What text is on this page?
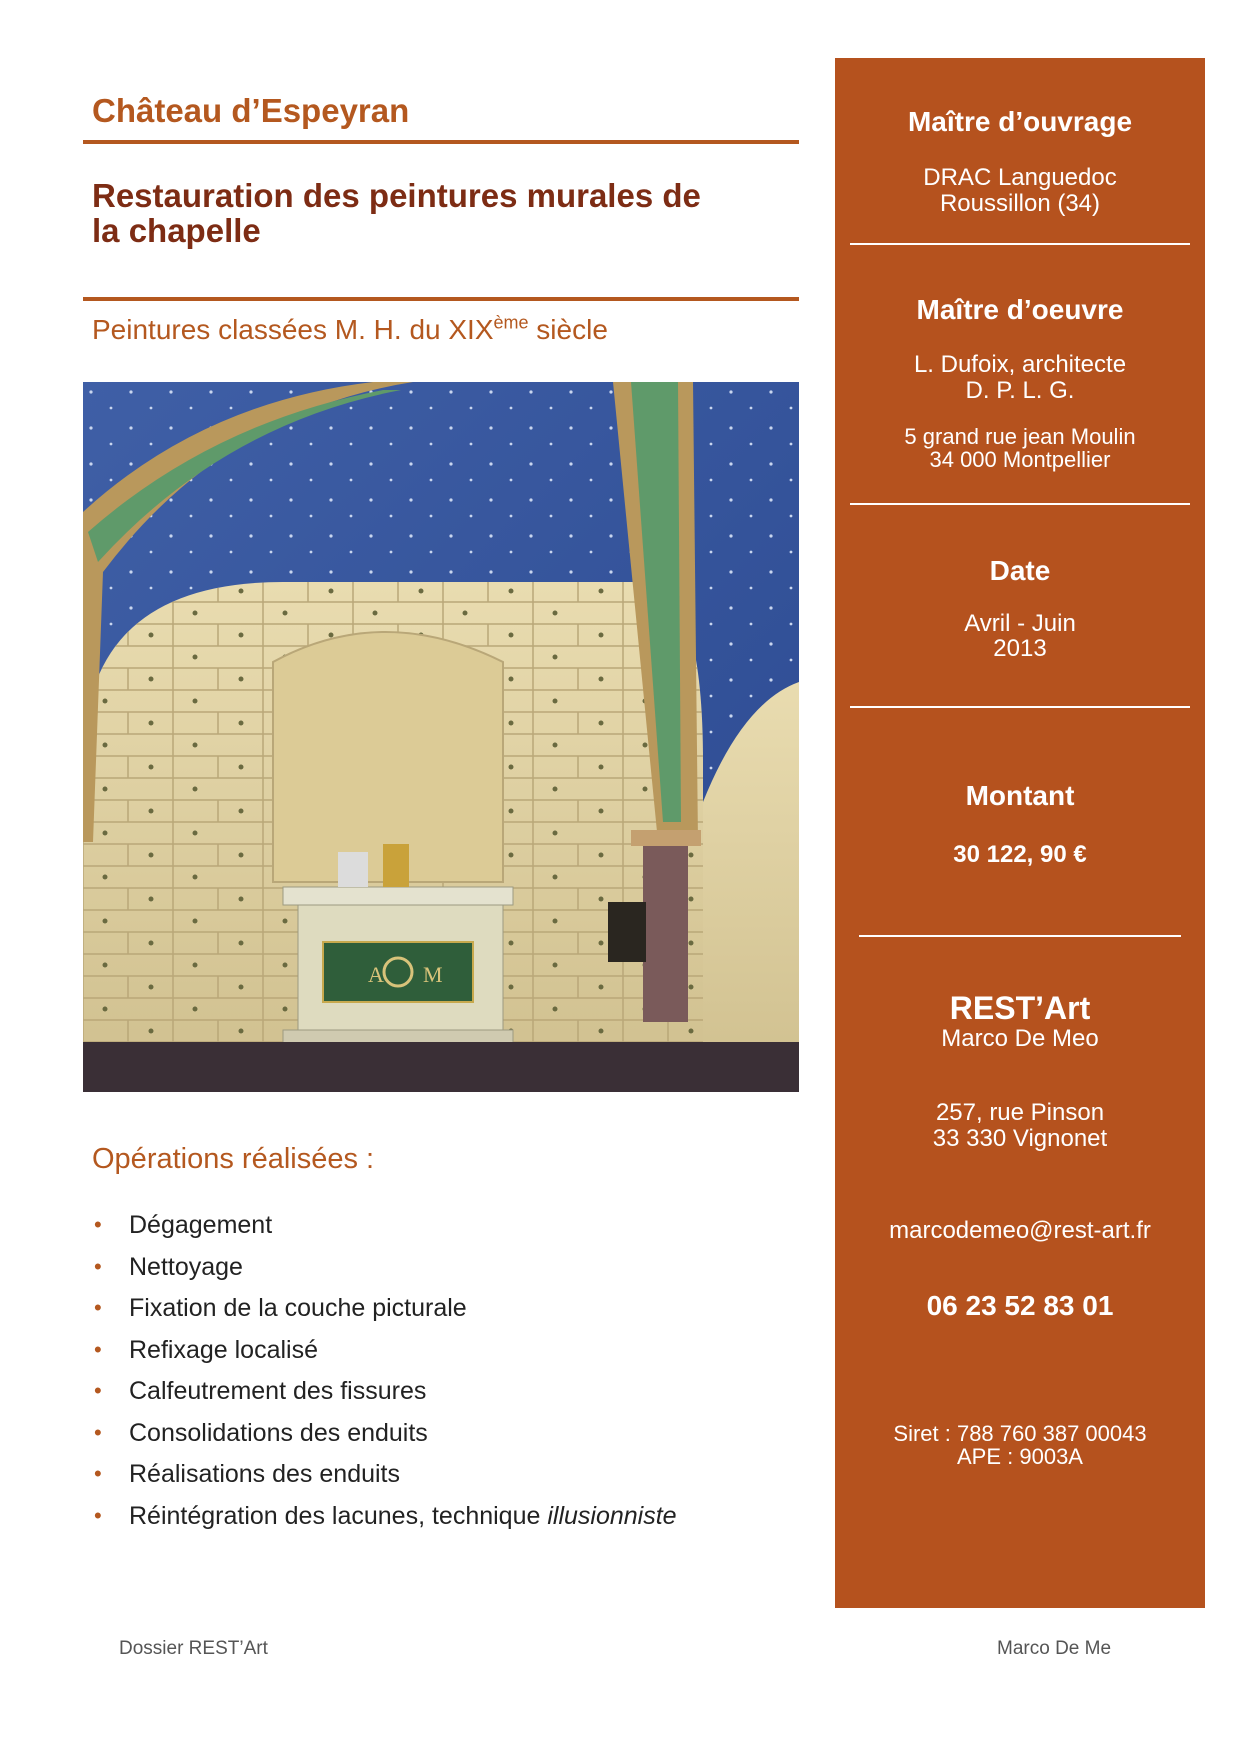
Château d’Espeyran
Restauration des peintures murales de la chapelle
Peintures classées M. H. du XIXème siècle
A M
Opérations réalisées :
• Dégagement
• Nettoyage
• Fixation de la couche picturale
• Refixage localisé
• Calfeutrement des fissures
• Consolidations des enduits
• Réalisations des enduits
• Réintégration des lacunes, technique illusionniste
Dossier REST’Art	Marco De Me
Maître d’ouvrage
DRAC Languedoc
Roussillon (34)
Maître d’oeuvre
L. Dufoix, architecte
D. P. L. G.
5 grand rue jean Moulin
34 000 Montpellier
Date
Avril - Juin
2013
Montant
30 122, 90 €
REST’Art
Marco De Meo
257, rue Pinson
33 330 Vignonet
marcodemeo@rest-art.fr
06 23 52 83 01
Siret : 788 760 387 00043
APE : 9003A
